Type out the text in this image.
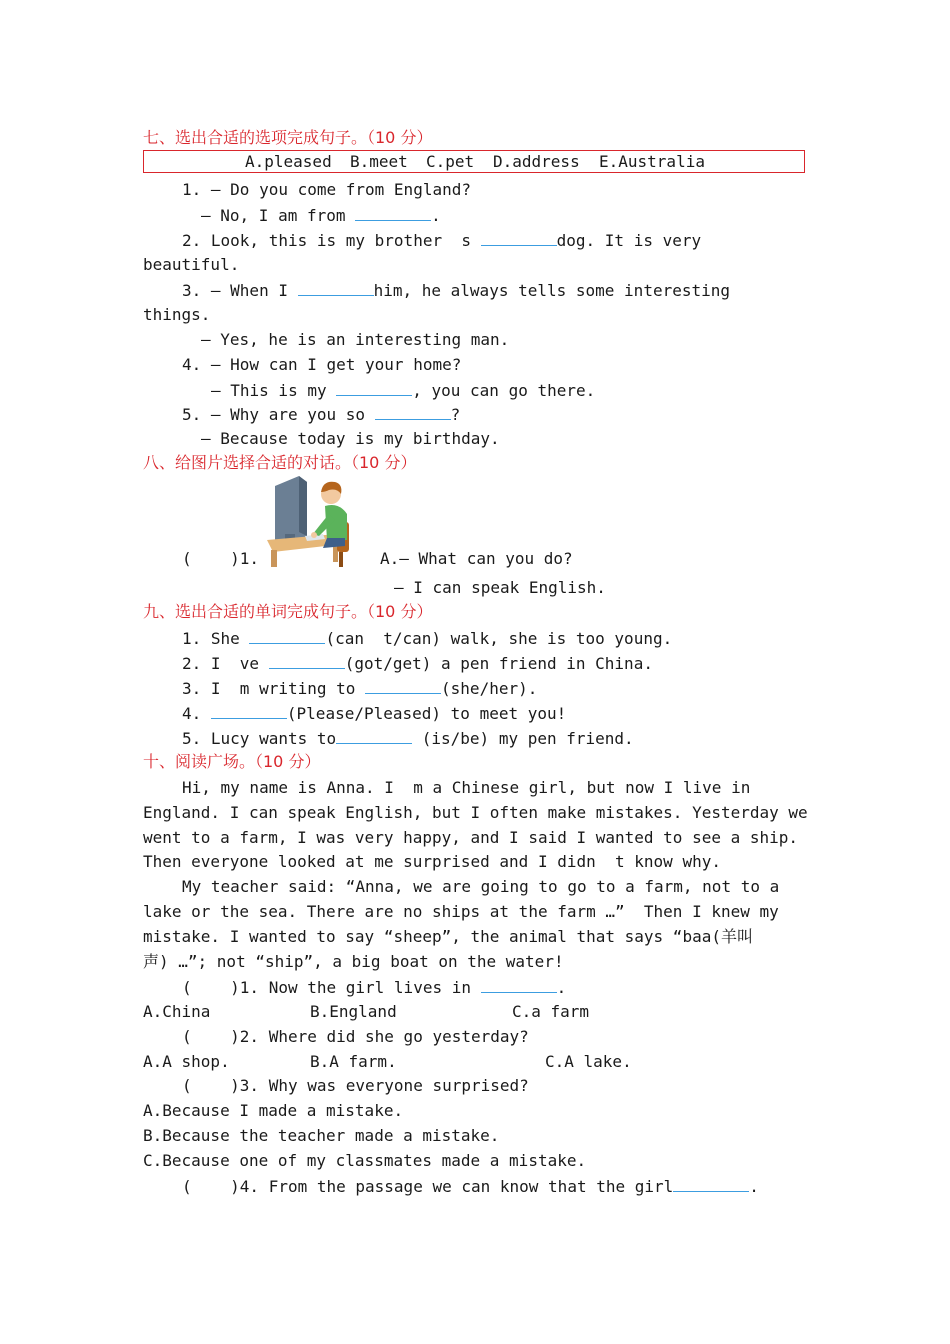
七、选出合适的选项完成句子。（10 分）
A.pleased B.meet C.pet D.address E.Australia
1. — Do you come from England?
— No, I am from	.
2. Look, this is my brother  s	dog. It is very
beautiful.
3. — When I	him, he always tells some interesting
things.
— Yes, he is an interesting man.
4. — How can I get your home?
— This is my	, you can go there.
5. — Why are you so	?
— Because today is my birthday.
八、给图片选择合适的对话。（10 分）
(    )1.	A.— What can you do?
— I can speak English.
九、选出合适的单词完成句子。（10 分）
1. She	(can  t/can) walk, she is too young.
2. I  ve	(got/get) a pen friend in China.
3. I  m writing to	(she/her).
4.	(Please/Pleased) to meet you!
5. Lucy wants to	(is/be) my pen friend.
十、阅读广场。（10 分）
Hi, my name is Anna. I  m a Chinese girl, but now I live in
England. I can speak English, but I often make mistakes. Yesterday we
went to a farm, I was very happy, and I said I wanted to see a ship.
Then everyone looked at me surprised and I didn  t know why.
My teacher said: “Anna, we are going to go to a farm, not to a
lake or the sea. There are no ships at the farm …”  Then I knew my
mistake. I wanted to say “sheep”, the animal that says “baa(羊叫
声) …”; not “ship”, a big boat on the water!
(    )1. Now the girl lives in	.
A.China	B.England	C.a farm
(    )2. Where did she go yesterday?
A.A shop.	B.A farm.	C.A lake.
(    )3. Why was everyone surprised?
A.Because I made a mistake.
B.Because the teacher made a mistake.
C.Because one of my classmates made a mistake.
(    )4. From the passage we can know that the girl	.
